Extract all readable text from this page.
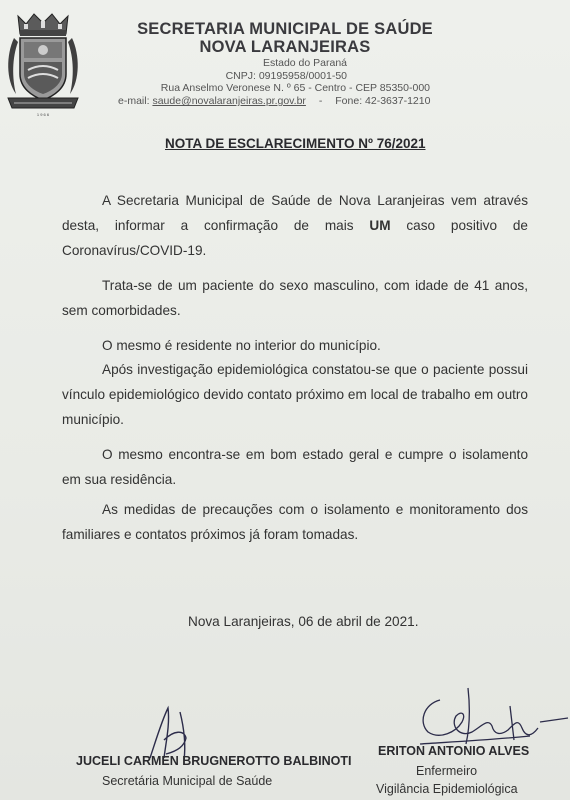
1 9 6 6
SECRETARIA MUNICIPAL DE SAÚDE
NOVA LARANJEIRAS
Estado do Paraná
CNPJ: 09195958/0001-50
Rua Anselmo Veronese N. º 65 - Centro - CEP 85350-000
e-mail: saude@novalaranjeiras.pr.gov.br - Fone: 42-3637-1210
NOTA DE ESCLARECIMENTO Nº 76/2021
A Secretaria Municipal de Saúde de Nova Laranjeiras vem através desta, informar a confirmação de mais UM caso positivo de Coronavírus/COVID-19.
Trata-se de um paciente do sexo masculino, com idade de 41 anos, sem comorbidades.
O mesmo é residente no interior do município.
Após investigação epidemiológica constatou-se que o paciente possui vínculo epidemiológico devido contato próximo em local de trabalho em outro município.
O mesmo encontra-se em bom estado geral e cumpre o isolamento em sua residência.
As medidas de precauções com o isolamento e monitoramento dos familiares e contatos próximos já foram tomadas.
Nova Laranjeiras, 06 de abril de 2021.
JUCELI CARMEN BRUGNEROTTO BALBINOTI
Secretária Municipal de Saúde
ERITON ANTONIO ALVES
Enfermeiro
Vigilância Epidemiológica
